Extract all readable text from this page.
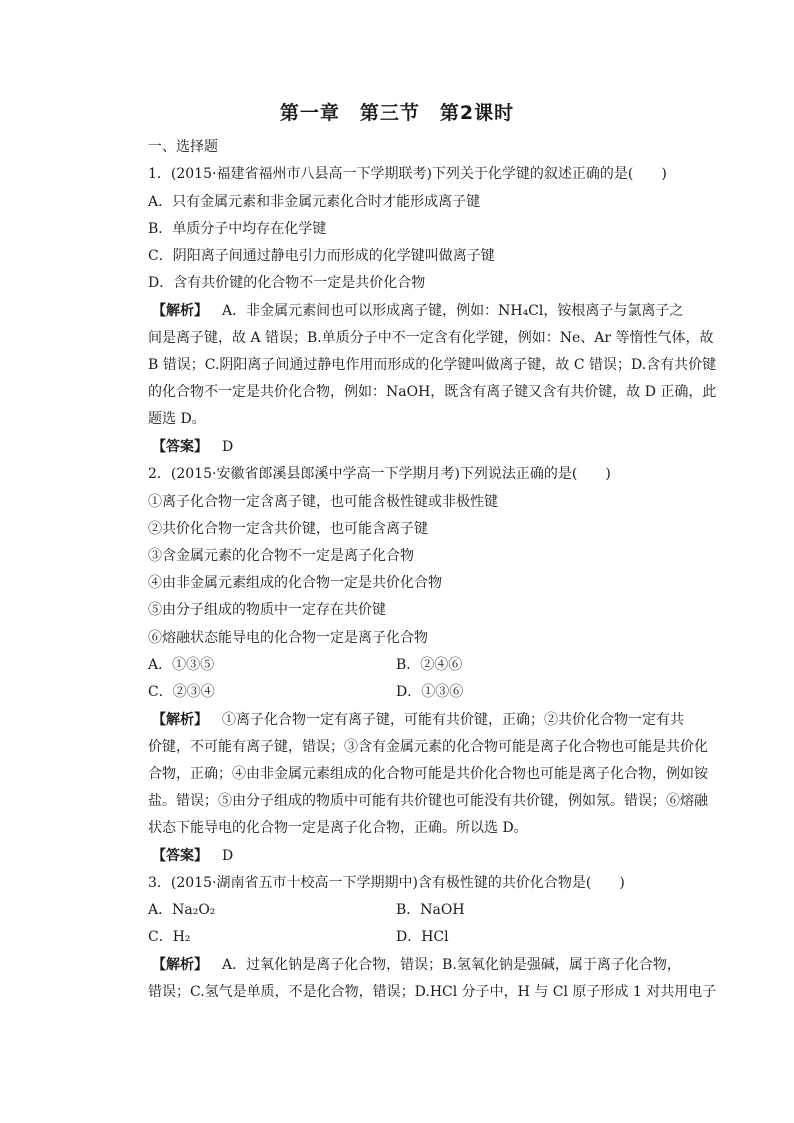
第一章　第三节　第2课时
一、选择题
1．(2015·福建省福州市八县高一下学期联考)下列关于化学键的叙述正确的是(　　)
A．只有金属元素和非金属元素化合时才能形成离子键
B．单质分子中均存在化学键
C．阴阳离子间通过静电引力而形成的化学键叫做离子键
D．含有共价键的化合物不一定是共价化合物
【解析】 A．非金属元素间也可以形成离子键，例如：NH₄Cl，铵根离子与氯离子之
间是离子键，故 A 错误；B.单质分子中不一定含有化学键，例如：Ne、Ar 等惰性气体，故
B 错误；C.阴阳离子间通过静电作用而形成的化学键叫做离子键，故 C 错误；D.含有共价键
的化合物不一定是共价化合物，例如：NaOH，既含有离子键又含有共价键，故 D 正确，此
题选 D。
【答案】 D
2．(2015·安徽省郎溪县郎溪中学高一下学期月考)下列说法正确的是(　　)
①离子化合物一定含离子键，也可能含极性键或非极性键
②共价化合物一定含共价键，也可能含离子键
③含金属元素的化合物不一定是离子化合物
④由非金属元素组成的化合物一定是共价化合物
⑤由分子组成的物质中一定存在共价键
⑥熔融状态能导电的化合物一定是离子化合物
A．①③⑤	B．②④⑥
C．②③④	D．①③⑥
【解析】 ①离子化合物一定有离子键，可能有共价键，正确；②共价化合物一定有共
价键，不可能有离子键，错误；③含有金属元素的化合物可能是离子化合物也可能是共价化
合物，正确；④由非金属元素组成的化合物可能是共价化合物也可能是离子化合物，例如铵
盐。错误；⑤由分子组成的物质中可能有共价键也可能没有共价键，例如氖。错误；⑥熔融
状态下能导电的化合物一定是离子化合物，正确。所以选 D。
【答案】 D
3．(2015·湖南省五市十校高一下学期期中)含有极性键的共价化合物是(　　)
A．Na₂O₂	B．NaOH
C．H₂	D．HCl
【解析】 A．过氧化钠是离子化合物，错误；B.氢氧化钠是强碱，属于离子化合物，
错误；C.氢气是单质，不是化合物，错误；D.HCl 分子中，H 与 Cl 原子形成 1 对共用电子
